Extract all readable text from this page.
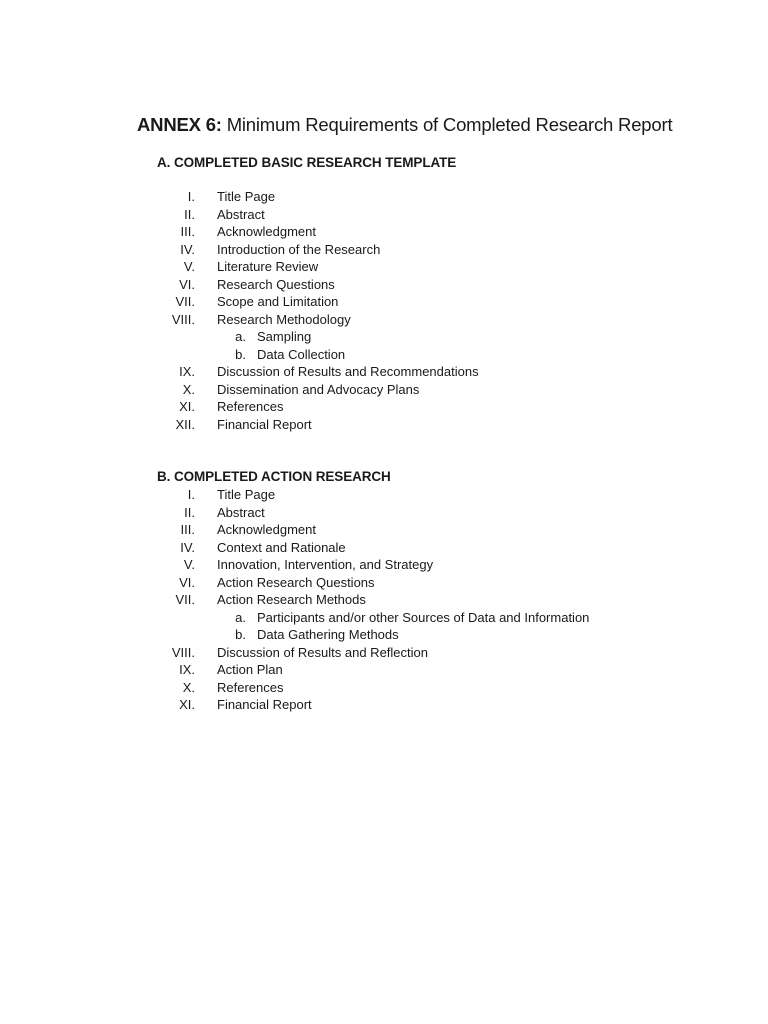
ANNEX 6: Minimum Requirements of Completed Research Report
A. COMPLETED BASIC RESEARCH TEMPLATE
I. Title Page
II. Abstract
III. Acknowledgment
IV. Introduction of the Research
V. Literature Review
VI. Research Questions
VII. Scope and Limitation
VIII. Research Methodology
a. Sampling
b. Data Collection
IX. Discussion of Results and Recommendations
X. Dissemination and Advocacy Plans
XI. References
XII. Financial Report
B. COMPLETED ACTION RESEARCH
I. Title Page
II. Abstract
III. Acknowledgment
IV. Context and Rationale
V. Innovation, Intervention, and Strategy
VI. Action Research Questions
VII. Action Research Methods
a. Participants and/or other Sources of Data and Information
b. Data Gathering Methods
VIII. Discussion of Results and Reflection
IX. Action Plan
X. References
XI. Financial Report
